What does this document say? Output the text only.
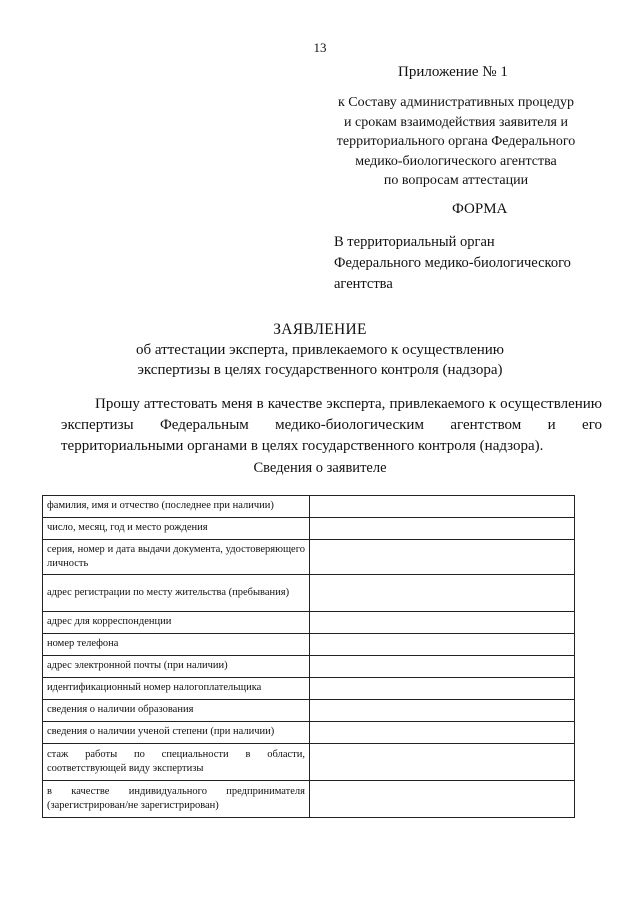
13
Приложение № 1
к Составу административных процедур
и срокам взаимодействия заявителя и
территориального органа Федерального
медико-биологического агентства
по вопросам аттестации
ФОРМА
В территориальный орган
Федерального медико-биологического
агентства
ЗАЯВЛЕНИЕ
об аттестации эксперта, привлекаемого к осуществлению
экспертизы в целях государственного контроля (надзора)
Прошу аттестовать меня в качестве эксперта, привлекаемого к осуществлению
экспертизы Федеральным медико-биологическим агентством и его
территориальными органами в целях государственного контроля (надзора).
Сведения о заявителе
фамилия, имя и отчество (последнее при наличии)	
число, месяц, год и место рождения	
серия, номер и дата выдачи документа, удостоверяющего личность	
адрес регистрации по месту жительства (пребывания)	
адрес для корреспонденции	
номер телефона	
адрес электронной почты (при наличии)	
идентификационный номер налогоплательщика	
сведения о наличии образования	
сведения о наличии ученой степени (при наличии)	
стаж работы по специальности в области, соответствующей виду экспертизы	
в качестве индивидуального предпринимателя (зарегистрирован/не зарегистрирован)	
